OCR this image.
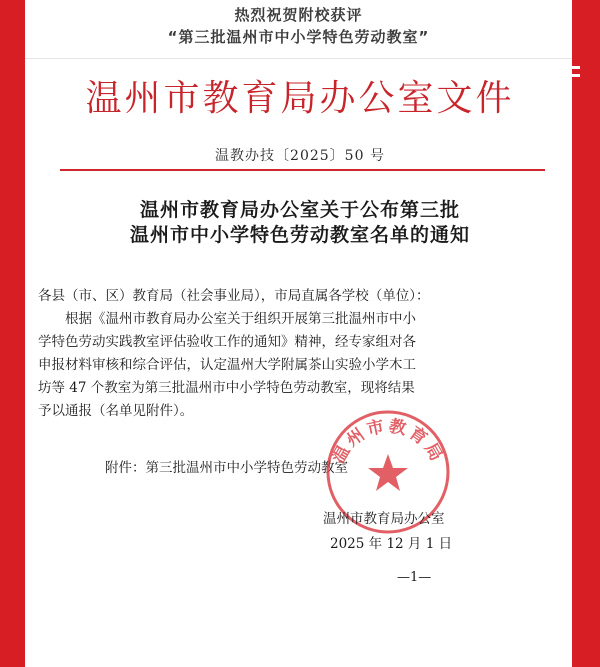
热烈祝贺附校获评
“第三批温州市中小学特色劳动教室”
温州市教育局办公室文件
温教办技〔2025〕50 号
温州市教育局办公室关于公布第三批
温州市中小学特色劳动教室名单的通知

各县（市、区）教育局（社会事业局），市局直属各学校（单位）：

根据《温州市教育局办公室关于组织开展第三批温州市中小

学特色劳动实践教室评估验收工作的通知》精神，经专家组对各

申报材料审核和综合评估，认定温州大学附属茶山实验小学木工

坊等 47 个教室为第三批温州市中小学特色劳动教室，现将结果

予以通报（名单见附件）。

附件：第三批温州市中小学特色劳动教室
温州市教育局
温州市教育局办公室
2025 年 12 月 1 日
—1—
